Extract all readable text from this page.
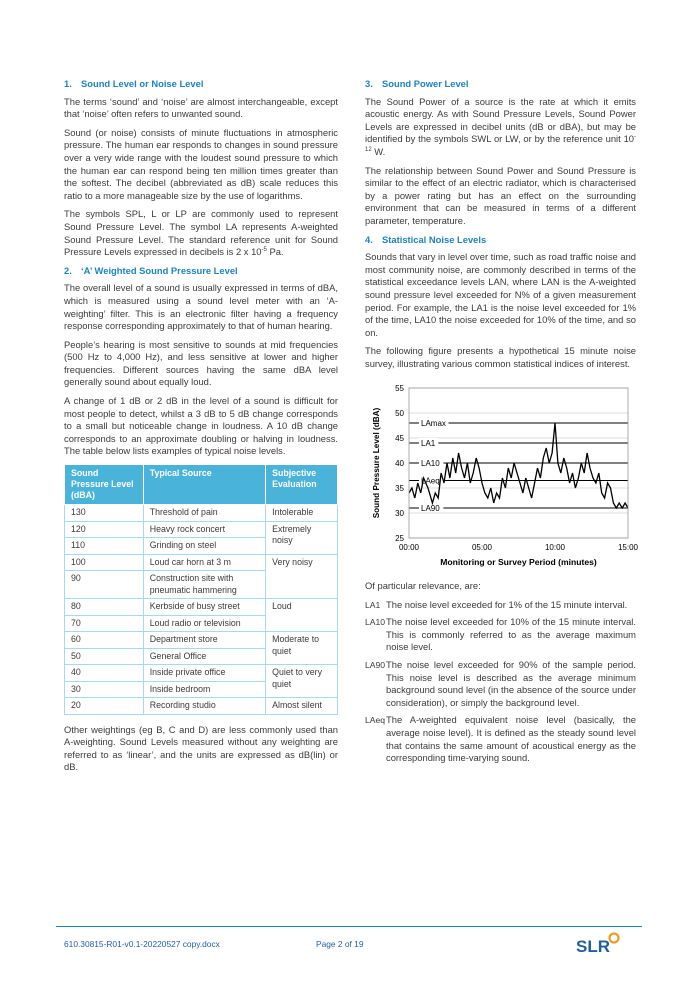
1. Sound Level or Noise Level

The terms ‘sound’ and ‘noise’ are almost interchangeable, except that ‘noise’ often refers to unwanted sound.

Sound (or noise) consists of minute fluctuations in atmospheric pressure. The human ear responds to changes in sound pressure over a very wide range with the loudest sound pressure to which the human ear can respond being ten million times greater than the softest. The decibel (abbreviated as dB) scale reduces this ratio to a more manageable size by the use of logarithms.

The symbols SPL, L or LP are commonly used to represent Sound Pressure Level. The symbol LA represents A-weighted Sound Pressure Level. The standard reference unit for Sound Pressure Levels expressed in decibels is 2 x $10^{-5}$ Pa.

2. ‘A’ Weighted Sound Pressure Level

The overall level of a sound is usually expressed in terms of dBA, which is measured using a sound level meter with an ‘A-weighting’ filter. This is an electronic filter having a frequency response corresponding approximately to that of human hearing.

People’s hearing is most sensitive to sounds at mid frequencies (500 Hz to 4,000 Hz), and less sensitive at lower and higher frequencies. Different sources having the same dBA level generally sound about equally loud.

A change of 1 dB or 2 dB in the level of a sound is difficult for most people to detect, whilst a 3 dB to 5 dB change corresponds to a small but noticeable change in loudness. A 10 dB change corresponds to an approximate doubling or halving in loudness. The table below lists examples of typical noise levels.

Sound Pressure Level (dBA)	Typical Source	Subjective Evaluation
130	Threshold of pain	Intolerable
120	Heavy rock concert	Extremely noisy
110	Grinding on steel	
100	Loud car horn at 3 m	Very noisy
90	Construction site with pneumatic hammering	
80	Kerbside of busy street	Loud
70	Loud radio or television	
60	Department store	Moderate to quiet
50	General Office	
40	Inside private office	Quiet to very quiet
30	Inside bedroom	
20	Recording studio	Almost silent

Other weightings (eg B, C and D) are less commonly used than A-weighting. Sound Levels measured without any weighting are referred to as ‘linear’, and the units are expressed as dB(lin) or dB.

3. Sound Power Level

The Sound Power of a source is the rate at which it emits acoustic energy. As with Sound Pressure Levels, Sound Power Levels are expressed in decibel units (dB or dBA), but may be identified by the symbols SWL or LW, or by the reference unit $10^{-12}$ W.

The relationship between Sound Power and Sound Pressure is similar to the effect of an electric radiator, which is characterised by a power rating but has an effect on the surrounding environment that can be measured in terms of a different parameter, temperature.

4. Statistical Noise Levels

Sounds that vary in level over time, such as road traffic noise and most community noise, are commonly described in terms of the statistical exceedance levels LAN, where LAN is the A-weighted sound pressure level exceeded for N% of a given measurement period. For example, the LA1 is the noise level exceeded for 1% of the time, LA10 the noise exceeded for 10% of the time, and so on.

The following figure presents a hypothetical 15 minute noise survey, illustrating various common statistical indices of interest.

25
30
35
40
45
50
55
00:00	05:00	10:00	15:00
LAmax
LA1
LA10
LAeq
LA90
Sound Pressure Level (dBA)
Monitoring or Survey Period (minutes)

Of particular relevance, are:

LA1 The noise level exceeded for 1% of the 15 minute interval.
LA10 The noise level exceeded for 10% of the 15 minute interval. This is commonly referred to as the average maximum noise level.
LA90 The noise level exceeded for 90% of the sample period. This noise level is described as the average minimum background sound level (in the absence of the source under consideration), or simply the background level.
LAeq The A-weighted equivalent noise level (basically, the average noise level). It is defined as the steady sound level that contains the same amount of acoustical energy as the corresponding time-varying sound.
610.30815-R01-v0.1-20220527 copy.docx	Page 2 of 19	SLR
